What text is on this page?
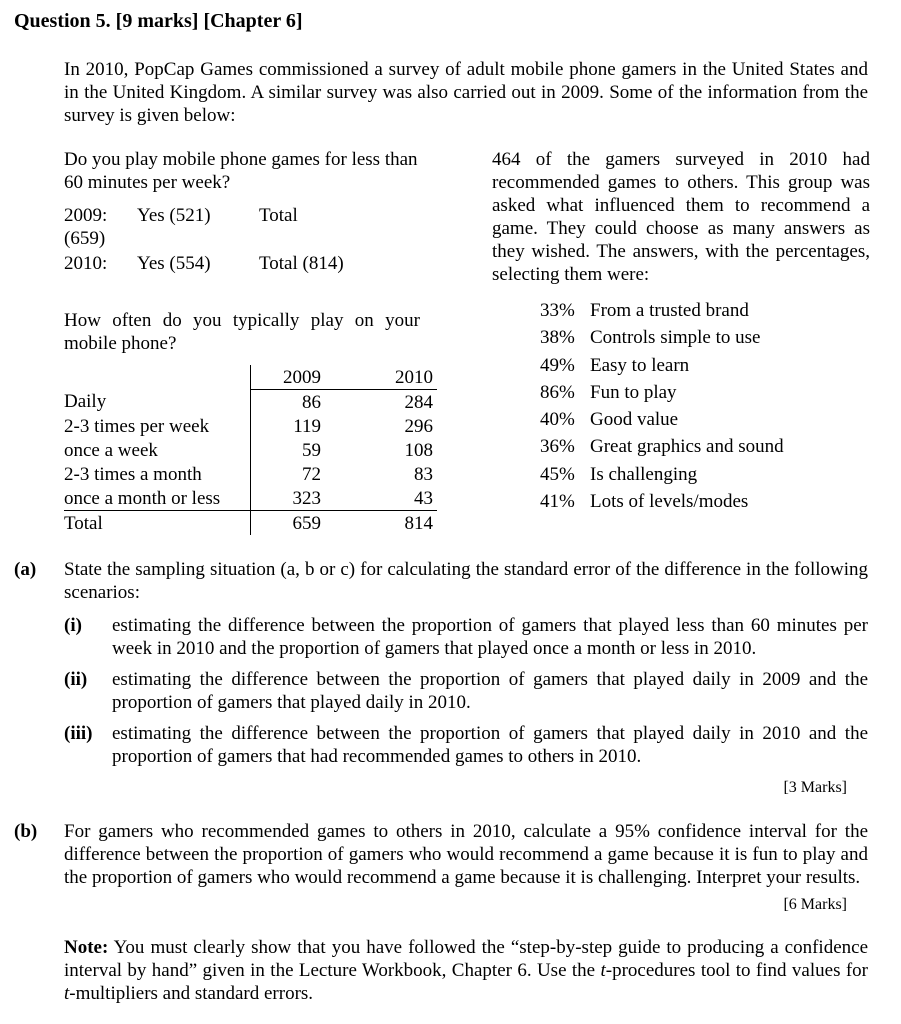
Question 5. [9 marks] [Chapter 6]
In 2010, PopCap Games commissioned a survey of adult mobile phone gamers in the United States and in the United Kingdom. A similar survey was also carried out in 2009. Some of the information from the survey is given below:
Do you play mobile phone games for less than 60 minutes per week?
2009: Yes (521)	Total
(659)
2010: Yes (554)	Total (814)
How often do you typically play on your mobile phone?
	2009	2010
Daily	86	284
2-3 times per week	119	296
once a week	59	108
2-3 times a month	72	83
once a month or less	323	43
Total	659	814
464 of the gamers surveyed in 2010 had recommended games to others. This group was asked what influenced them to recommend a game. They could choose as many answers as they wished. The answers, with the percentages, selecting them were:
33% From a trusted brand
38% Controls simple to use
49% Easy to learn
86% Fun to play
40% Good value
36% Great graphics and sound
45% Is challenging
41% Lots of levels/modes
(a) State the sampling situation (a, b or c) for calculating the standard error of the difference in the following scenarios:
(i) estimating the difference between the proportion of gamers that played less than 60 minutes per week in 2010 and the proportion of gamers that played once a month or less in 2010.
(ii) estimating the difference between the proportion of gamers that played daily in 2009 and the proportion of gamers that played daily in 2010.
(iii) estimating the difference between the proportion of gamers that played daily in 2010 and the proportion of gamers that had recommended games to others in 2010.
[3 Marks]
(b) For gamers who recommended games to others in 2010, calculate a 95% confidence interval for the difference between the proportion of gamers who would recommend a game because it is fun to play and the proportion of gamers who would recommend a game because it is challenging. Interpret your results.
[6 Marks]
Note: You must clearly show that you have followed the “step-by-step guide to producing a confidence interval by hand” given in the Lecture Workbook, Chapter 6. Use the t-procedures tool to find values for t-multipliers and standard errors.
